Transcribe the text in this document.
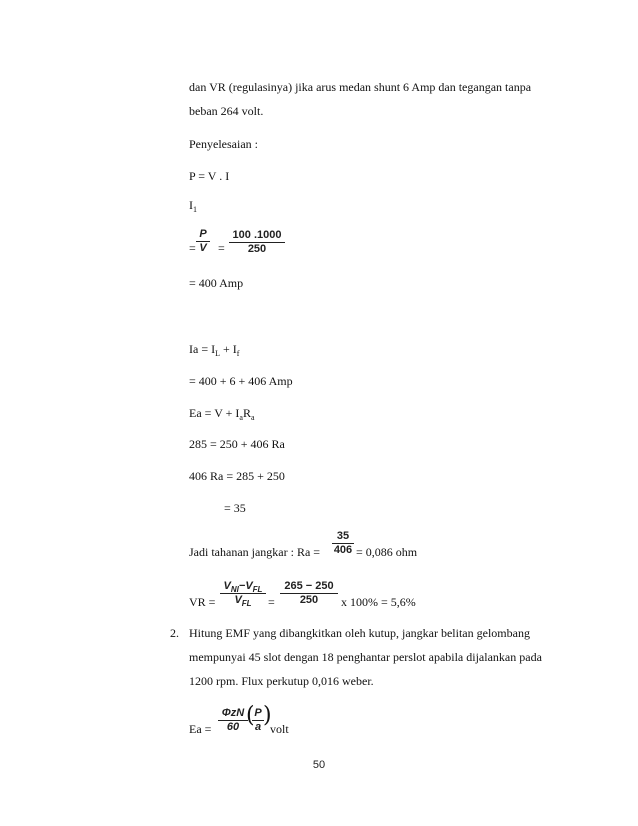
dan VR (regulasinya) jika arus medan shunt 6 Amp dan tegangan tanpa
beban 264 volt.
Penyelesaian :
P = V . I
$I_1$
= $\frac{P}{V} = \frac{100 .1000}{250}$
= 400 Amp
$Ia = I_L + I_f$
= 400 + 6 + 406 Amp
$Ea = V + I_aR_a$
285 = 250 + 406 Ra
406 Ra = 285 + 250
= 35
Jadi tahanan jangkar : $Ra = \frac{35}{406} = 0,086$ ohm
VR =
$V_{Nl}-V_{FL}$
$V_{FL}$	= $\frac{265 - 250}{250}$ x 100% = 5,6%
2. Hitung EMF yang dibangkitkan oleh kutup, jangkar belitan gelombang
mempunyai 45 slot dengan 18 penghantar perslot apabila dijalankan pada
1200 rpm. Flux perkutup 0,016 weber.
Ea =
ΦzN
60 (
$\frac{P}{a}$ )
volt
50
